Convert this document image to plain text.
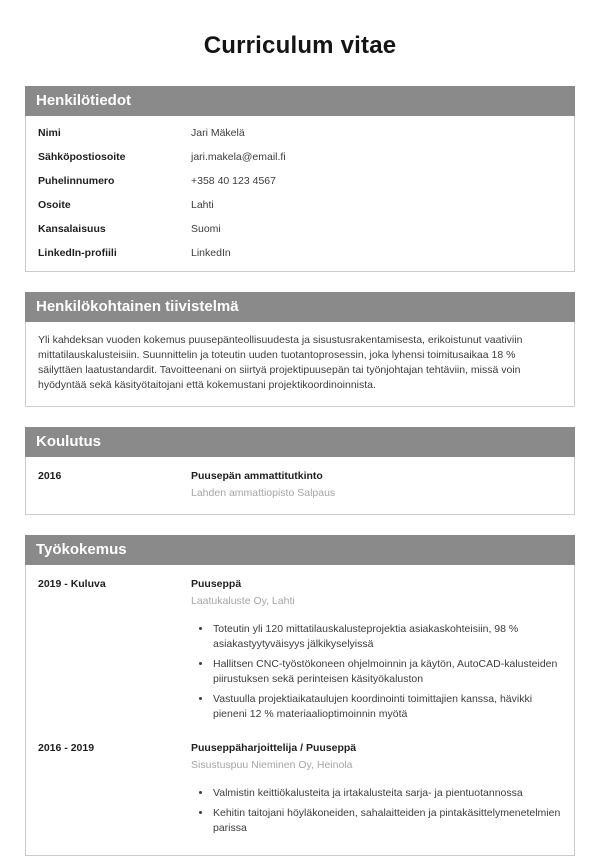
Curriculum vitae
Henkilötiedot
Nimi	Jari Mäkelä
Sähköpostiosoite	jari.makela@email.fi
Puhelinnumero	+358 40 123 4567
Osoite	Lahti
Kansalaisuus	Suomi
LinkedIn-profiili	LinkedIn
Henkilökohtainen tiivistelmä

Yli kahdeksan vuoden kokemus puusepänteollisuudesta ja sisustusrakentamisesta, erikoistunut vaativiin mittatilauskalusteisiin. Suunnittelin ja toteutin uuden tuotantoprosessin, joka lyhensi toimitusaikaa 18 % säilyttäen laatustandardit. Tavoitteenani on siirtyä projektipuusepän tai työnjohtajan tehtäviin, missä voin hyödyntää sekä käsityötaitojani että kokemustani projektikoordinoinnista.

Koulutus
2016	Puusepän ammattitutkinto
Lahden ammattiopisto Salpaus
Työkokemus
2019 - Kuluva	Puuseppä
Laatukaluste Oy, Lahti
• Toteutin yli 120 mittatilauskalusteprojektia asiakaskohteisiin, 98 % asiakastyytyväisyys jälkikyselyissä
• Hallitsen CNC-työstökoneen ohjelmoinnin ja käytön, AutoCAD-kalusteiden piirustuksen sekä perinteisen käsityökaluston
• Vastuulla projektiaikataulujen koordinointi toimittajien kanssa, hävikki pieneni 12 % materiaalioptimoinnin myötä
2016 - 2019	Puuseppäharjoittelija / Puuseppä
Sisustuspuu Nieminen Oy, Heinola
• Valmistin keittiökalusteita ja irtakalusteita sarja- ja pientuotannossa
• Kehitin taitojani höyläkoneiden, sahalaitteiden ja pintakäsittelymenetelmien parissa
